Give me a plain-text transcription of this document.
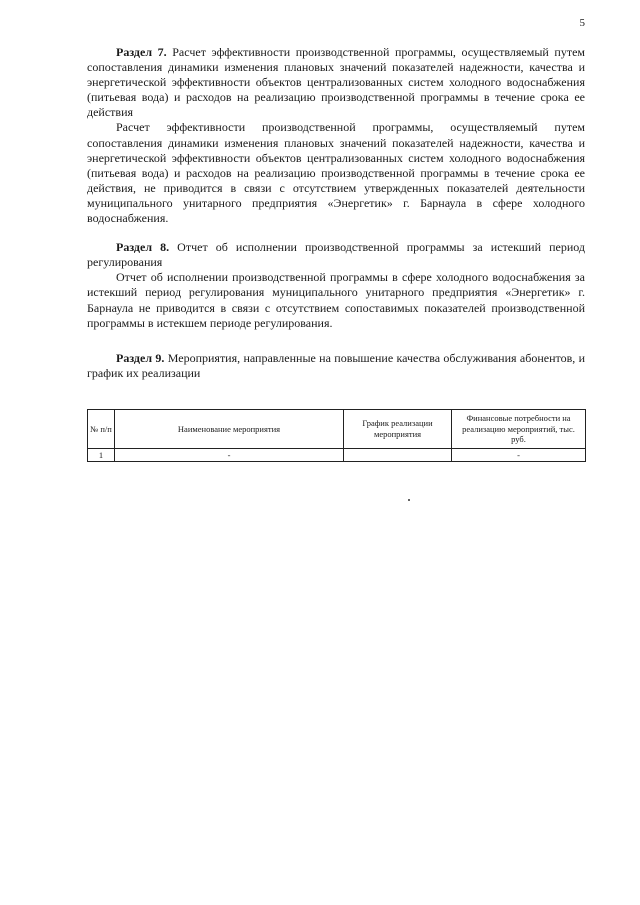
5

Раздел 7. Расчет эффективности производственной программы, осуществляемый путем сопоставления динамики изменения плановых значений показателей надежности, качества и энергетической эффективности объектов централизованных систем холодного водоснабжения (питьевая вода) и расходов на реализацию производственной программы в течение срока ее действия

Расчет эффективности производственной программы, осуществляемый путем сопоставления динамики изменения плановых значений показателей надежности, качества и энергетической эффективности объектов централизованных систем холодного водоснабжения (питьевая вода) и расходов на реализацию производственной программы в течение срока ее действия, не приводится в связи с отсутствием утвержденных показателей деятельности муниципального унитарного предприятия «Энергетик» г. Барнаула в сфере холодного водоснабжения.

Раздел 8. Отчет об исполнении производственной программы за истекший период регулирования

Отчет об исполнении производственной программы в сфере холодного водоснабжения за истекший период регулирования муниципального унитарного предприятия «Энергетик» г. Барнаула не приводится в связи с отсутствием сопоставимых показателей производственной программы в истекшем периоде регулирования.

Раздел 9. Мероприятия, направленные на повышение качества обслуживания абонентов, и график их реализации

№ п/п	Наименование мероприятия	График реализации мероприятия	Финансовые потребности на реализацию мероприятий, тыс. руб.
1	-		-
